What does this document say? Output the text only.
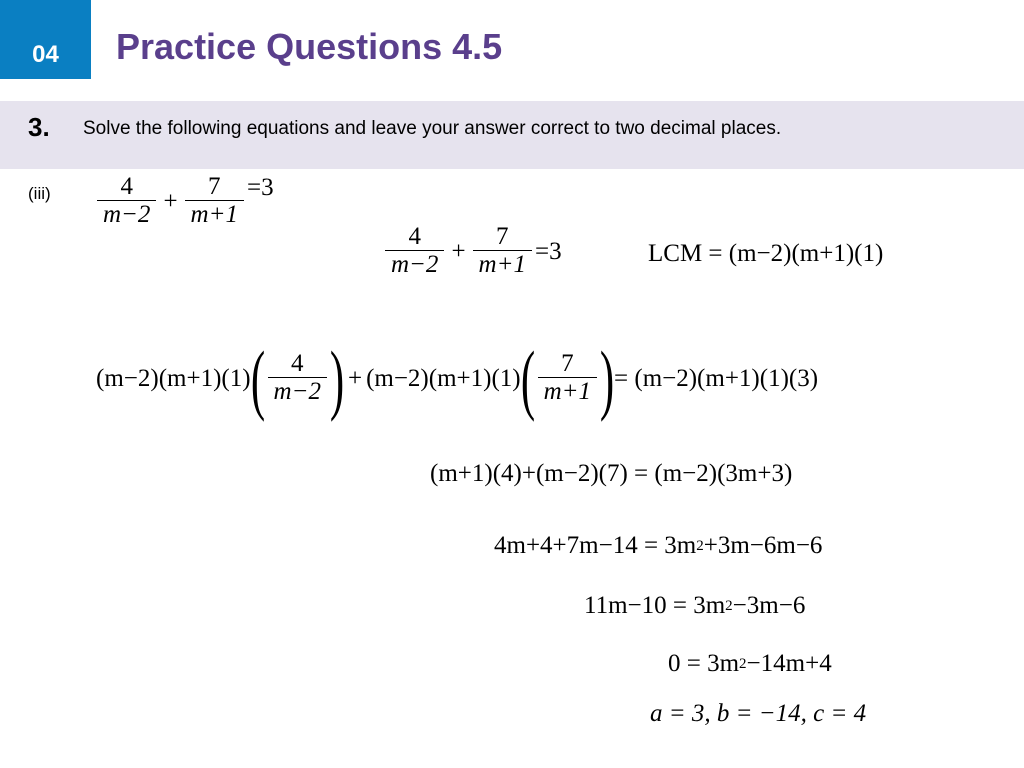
04 Practice Questions 4.5
3. Solve the following equations and leave your answer correct to two decimal places.
$(iii) \frac{4}{m-2} + \frac{7}{m+1} =3$
$\frac{4}{m-2} + \frac{7}{m+1} =3$	LCM = (m−2)(m+1)(1)
(m−2)(m+1)(1) ( $\frac{4}{m-2}$ ) + (m−2)(m+1)(1) ( $\frac{7}{m+1}$ ) = (m−2)(m+1)(1)(3)
(m+1)(4)+(m−2)(7) = (m−2)(3m+3)
4m+4+7m−14 = 3m 2 +3m−6m−6
11m−10 = 3m 2 −3m−6
0 = 3m 2 −14m+4
a = 3, b = −14, c = 4
